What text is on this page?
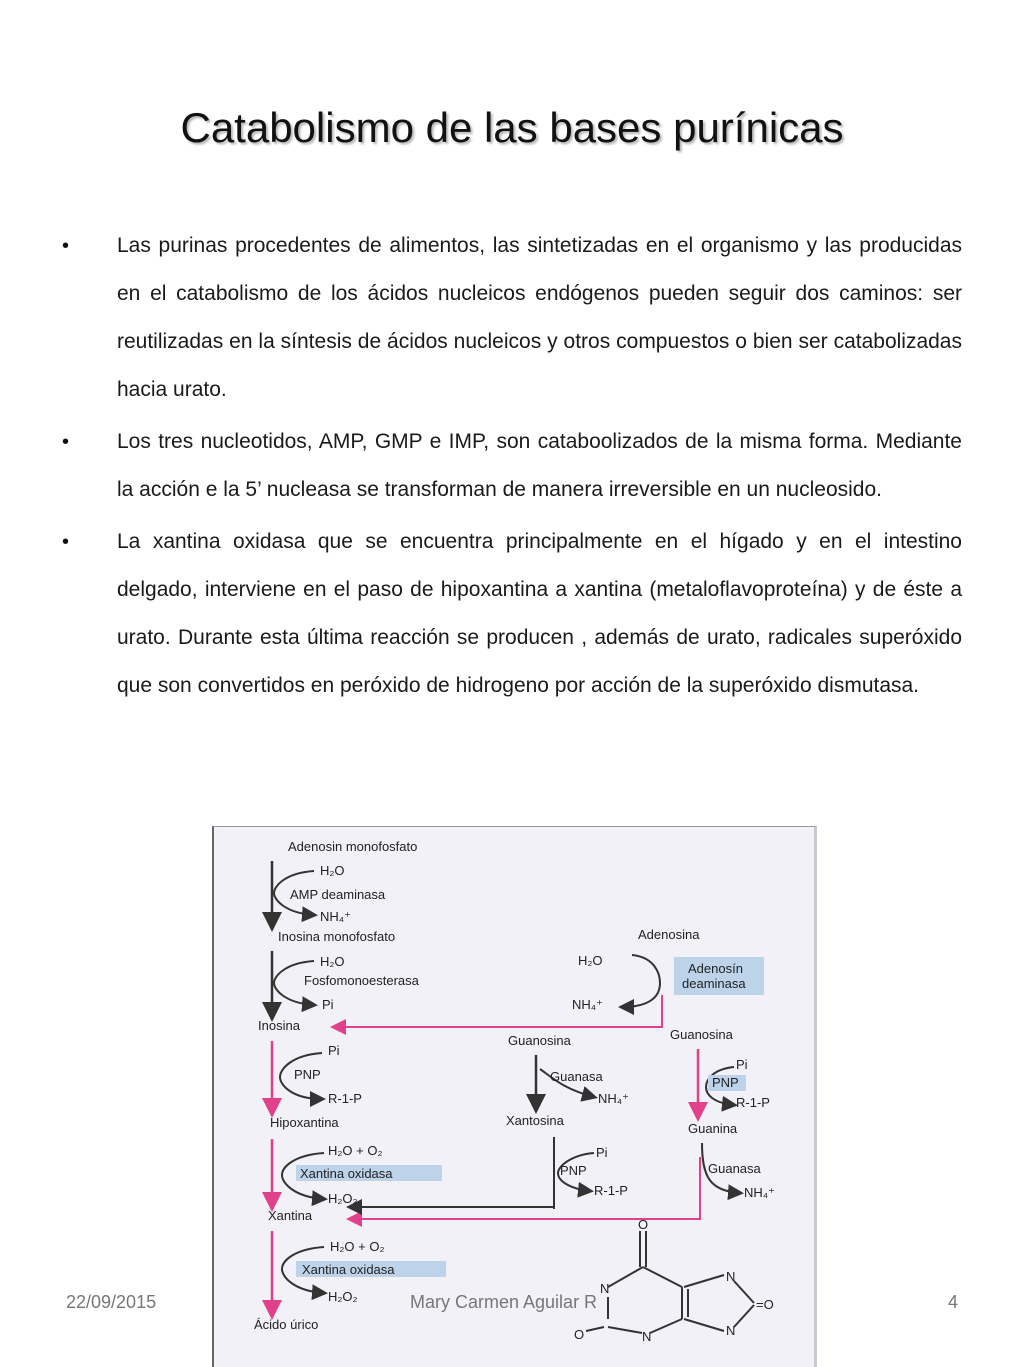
Catabolismo de las bases purínicas
• Las purinas procedentes de alimentos, las sintetizadas en el organismo y las producidas en el catabolismo de los ácidos nucleicos endógenos pueden seguir dos caminos: ser reutilizadas en la síntesis de ácidos nucleicos y otros compuestos o bien ser catabolizadas hacia urato.
• Los tres nucleotidos, AMP, GMP e IMP, son cataboolizados de la misma forma. Mediante la acción e la 5’ nucleasa se transforman de manera irreversible en un nucleosido.
• La xantina oxidasa que se encuentra principalmente en el hígado y en el intestino delgado, interviene en el paso de hipoxantina a xantina (metaloflavoproteína) y de éste a urato. Durante esta última reacción se producen , además de urato, radicales superóxido que son convertidos en peróxido de hidrogeno por acción de la superóxido dismutasa.
Adenosin monofosfato
Inosina monofosfato
Inosina
Hipoxantina
Xantina
Ácido úrico
H₂O
AMP deaminasa
NH₄⁺
H₂O
Fosfomonoesterasa
Pi
Adenosina
H₂O
Adenosín
deaminasa
NH₄⁺
Pi
PNP
R-1-P
Guanosina
Guanasa
NH₄⁺
Xantosina
Guanosina
Pi
PNP
R-1-P
Guanina
Guanasa
NH₄⁺
Pi
PNP
R-1-P
H₂O + O₂
Xantina oxidasa
H₂O₂
H₂O + O₂
Xantina oxidasa
H₂O₂
O
N
N
N	N
O
=O
22/09/2015	Mary Carmen Aguilar R	4
